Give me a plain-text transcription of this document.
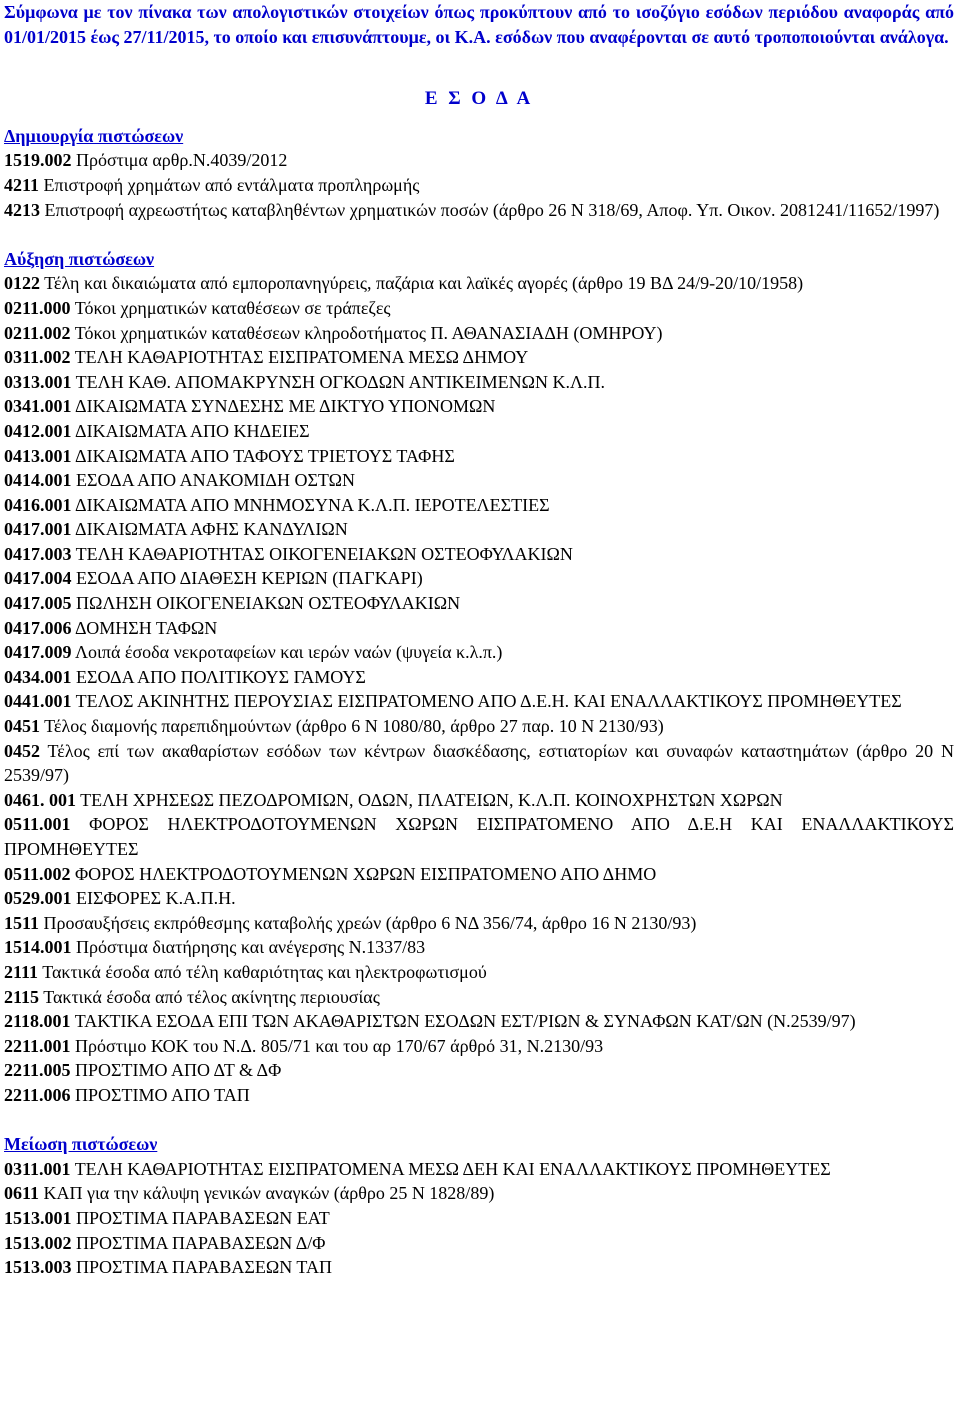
Σύμφωνα με τον πίνακα των απολογιστικών στοιχείων όπως προκύπτουν από το ισοζύγιο εσόδων περιόδου αναφοράς από 01/01/2015 έως 27/11/2015, το οποίο και επισυνάπτουμε, οι Κ.Α. εσόδων που αναφέρονται σε αυτό τροποποιούνται ανάλογα.

Ε Σ Ο Δ Α

Δημιουργία πιστώσεων

1519.002 Πρόστιμα αρθρ.Ν.4039/2012

4211 Επιστροφή χρημάτων από εντάλματα προπληρωμής

4213 Επιστροφή αχρεωστήτως καταβληθέντων χρηματικών ποσών (άρθρο 26 Ν 318/69, Αποφ. Υπ. Οικον. 2081241/11652/1997)

Αύξηση πιστώσεων

0122 Τέλη και δικαιώματα από εμποροπανηγύρεις, παζάρια και λαϊκές αγορές (άρθρο 19 ΒΔ 24/9-20/10/1958)

0211.000 Τόκοι χρηματικών καταθέσεων σε τράπεζες

0211.002 Τόκοι χρηματικών καταθέσεων κληροδοτήματος Π. ΑΘΑΝΑΣΙΑΔΗ (ΟΜΗΡΟΥ)

0311.002 ΤΕΛΗ ΚΑΘΑΡΙΟΤΗΤΑΣ ΕΙΣΠΡΑΤΟΜΕΝΑ ΜΕΣΩ ΔΗΜΟΥ

0313.001 ΤΕΛΗ ΚΑΘ. ΑΠΟΜΑΚΡΥΝΣΗ ΟΓΚΟΔΩΝ ΑΝΤΙΚΕΙΜΕΝΩΝ Κ.Λ.Π.

0341.001 ΔΙΚΑΙΩΜΑΤΑ ΣΥΝΔΕΣΗΣ ΜΕ ΔΙΚΤΥΟ ΥΠΟΝΟΜΩΝ

0412.001 ΔΙΚΑΙΩΜΑΤΑ ΑΠΟ ΚΗΔΕΙΕΣ

0413.001 ΔΙΚΑΙΩΜΑΤΑ ΑΠΟ ΤΑΦΟΥΣ ΤΡΙΕΤΟΥΣ ΤΑΦΗΣ

0414.001 ΕΣΟΔΑ ΑΠΟ ΑΝΑΚΟΜΙΔΗ ΟΣΤΩΝ

0416.001 ΔΙΚΑΙΩΜΑΤΑ ΑΠΟ ΜΝΗΜΟΣΥΝΑ Κ.Λ.Π. ΙΕΡΟΤΕΛΕΣΤΙΕΣ

0417.001 ΔΙΚΑΙΩΜΑΤΑ ΑΦΗΣ ΚΑΝΔΥΛΙΩΝ

0417.003 ΤΕΛΗ ΚΑΘΑΡΙΟΤΗΤΑΣ ΟΙΚΟΓΕΝΕΙΑΚΩΝ ΟΣΤΕΟΦΥΛΑΚΙΩΝ

0417.004 ΕΣΟΔΑ ΑΠΟ ΔΙΑΘΕΣΗ ΚΕΡΙΩΝ (ΠΑΓΚΑΡΙ)

0417.005 ΠΩΛΗΣΗ ΟΙΚΟΓΕΝΕΙΑΚΩΝ ΟΣΤΕΟΦΥΛΑΚΙΩΝ

0417.006 ΔΟΜΗΣΗ ΤΑΦΩΝ

0417.009 Λοιπά έσοδα νεκροταφείων και ιερών ναών (ψυγεία κ.λ.π.)

0434.001 ΕΣΟΔΑ ΑΠΟ ΠΟΛΙΤΙΚΟΥΣ ΓΑΜΟΥΣ

0441.001 ΤΕΛΟΣ ΑΚΙΝΗΤΗΣ ΠΕΡΟΥΣΙΑΣ ΕΙΣΠΡΑΤΟΜΕΝΟ ΑΠΟ Δ.Ε.Η. ΚΑΙ ΕΝΑΛΛΑΚΤΙΚΟΥΣ ΠΡΟΜΗΘΕΥΤΕΣ

0451 Τέλος διαμονής παρεπιδημούντων (άρθρο 6 Ν 1080/80, άρθρο 27 παρ. 10 Ν 2130/93)

0452 Τέλος επί των ακαθαρίστων εσόδων των κέντρων διασκέδασης, εστιατορίων και συναφών καταστημάτων (άρθρο 20 Ν 2539/97)

0461. 001 ΤΕΛΗ ΧΡΗΣΕΩΣ ΠΕΖΟΔΡΟΜΙΩΝ, ΟΔΩΝ, ΠΛΑΤΕΙΩΝ, Κ.Λ.Π. ΚΟΙΝΟΧΡΗΣΤΩΝ ΧΩΡΩΝ

0511.001 ΦΟΡΟΣ ΗΛΕΚΤΡΟΔΟΤΟΥΜΕΝΩΝ ΧΩΡΩΝ ΕΙΣΠΡΑΤΟΜΕΝΟ ΑΠΟ Δ.Ε.Η ΚΑΙ ΕΝΑΛΛΑΚΤΙΚΟΥΣ ΠΡΟΜΗΘΕΥΤΕΣ

0511.002 ΦΟΡΟΣ ΗΛΕΚΤΡΟΔΟΤΟΥΜΕΝΩΝ ΧΩΡΩΝ ΕΙΣΠΡΑΤΟΜΕΝΟ ΑΠΟ ΔΗΜΟ

0529.001 ΕΙΣΦΟΡΕΣ Κ.Α.Π.Η.

1511 Προσαυξήσεις εκπρόθεσμης καταβολής χρεών (άρθρο 6 ΝΔ 356/74, άρθρο 16 Ν 2130/93)

1514.001 Πρόστιμα διατήρησης και ανέγερσης Ν.1337/83

2111 Τακτικά έσοδα από τέλη καθαριότητας και ηλεκτροφωτισμού

2115 Τακτικά έσοδα από τέλος ακίνητης περιουσίας

2118.001 ΤΑΚΤΙΚΑ ΕΣΟΔΑ ΕΠΙ ΤΩΝ ΑΚΑΘΑΡΙΣΤΩΝ ΕΣΟΔΩΝ ΕΣΤ/ΡΙΩΝ & ΣΥΝΑΦΩΝ ΚΑΤ/ΩΝ (Ν.2539/97)

2211.001 Πρόστιμο ΚΟΚ του Ν.Δ. 805/71 και του αρ 170/67 άρθρό 31, Ν.2130/93

2211.005 ΠΡΟΣΤΙΜΟ ΑΠΟ ΔΤ & ΔΦ

2211.006 ΠΡΟΣΤΙΜΟ ΑΠΟ ΤΑΠ

Μείωση πιστώσεων

0311.001 ΤΕΛΗ ΚΑΘΑΡΙΟΤΗΤΑΣ ΕΙΣΠΡΑΤΟΜΕΝΑ ΜΕΣΩ ΔΕΗ ΚΑΙ ΕΝΑΛΛΑΚΤΙΚΟΥΣ ΠΡΟΜΗΘΕΥΤΕΣ

0611 ΚΑΠ για την κάλυψη γενικών αναγκών (άρθρο 25 Ν 1828/89)

1513.001 ΠΡΟΣΤΙΜΑ ΠΑΡΑΒΑΣΕΩΝ ΕΑΤ

1513.002 ΠΡΟΣΤΙΜΑ ΠΑΡΑΒΑΣΕΩΝ Δ/Φ

1513.003 ΠΡΟΣΤΙΜΑ ΠΑΡΑΒΑΣΕΩΝ ΤΑΠ
